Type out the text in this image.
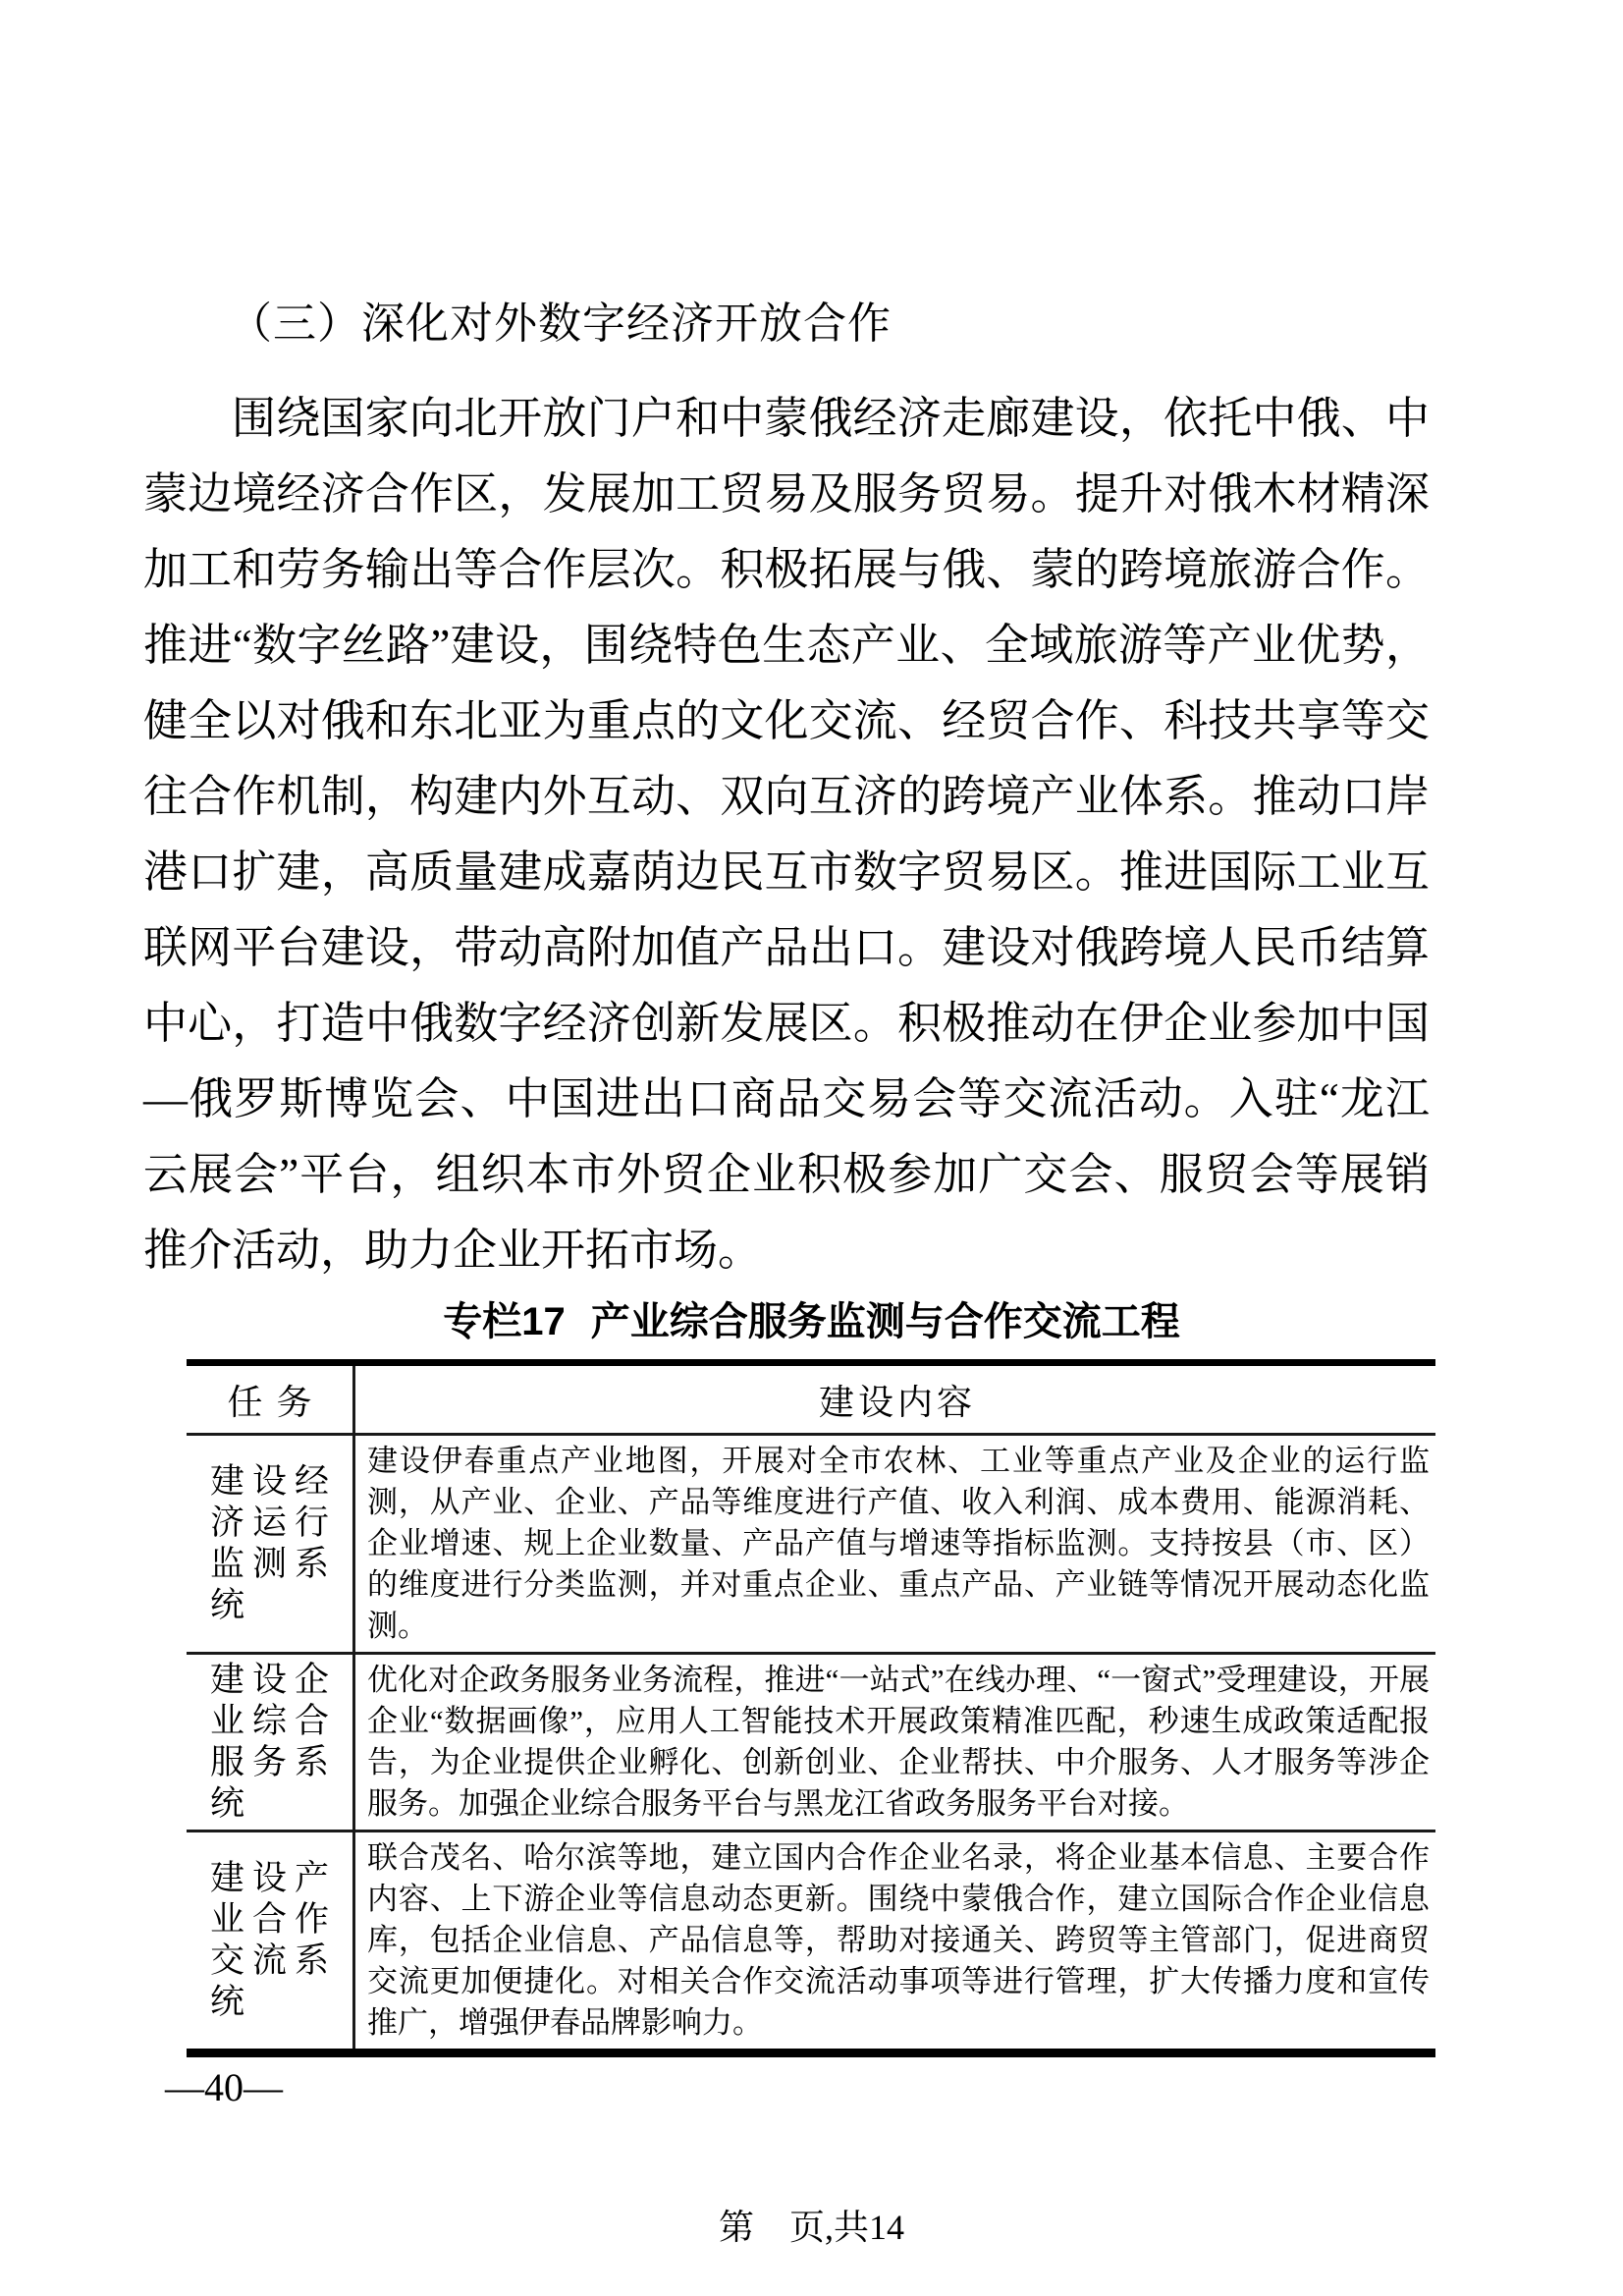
（三）深化对外数字经济开放合作
围绕国家向北开放门户和中蒙俄经济走廊建设，依托中俄、中
蒙边境经济合作区，发展加工贸易及服务贸易。提升对俄木材精深
加工和劳务输出等合作层次。积极拓展与俄、蒙的跨境旅游合作。
推进“数字丝路”建设，围绕特色生态产业、全域旅游等产业优势，
健全以对俄和东北亚为重点的文化交流、经贸合作、科技共享等交
往合作机制，构建内外互动、双向互济的跨境产业体系。推动口岸
港口扩建，高质量建成嘉荫边民互市数字贸易区。推进国际工业互
联网平台建设，带动高附加值产品出口。建设对俄跨境人民币结算
中心，打造中俄数字经济创新发展区。积极推动在伊企业参加中国
—俄罗斯博览会、中国进出口商品交易会等交流活动。入驻“龙江
云展会”平台，组织本市外贸企业积极参加广交会、服贸会等展销
推介活动，助力企业开拓市场。
专栏17 产业综合服务监测与合作交流工程
任务	建设内容
建设经济运行监测系统
建设伊春重点产业地图，开展对全市农林、工业等重点产业及企业的运行监测，从产业、企业、产品等维度进行产值、收入利润、成本费用、能源消耗、企业增速、规上企业数量、产品产值与增速等指标监测。支持按县（市、区）的维度进行分类监测，并对重点企业、重点产品、产业链等情况开展动态化监测。
建设企业综合服务系统
优化对企政务服务业务流程，推进“一站式”在线办理、“一窗式”受理建设，开展企业“数据画像”，应用人工智能技术开展政策精准匹配，秒速生成政策适配报告，为企业提供企业孵化、创新创业、企业帮扶、中介服务、人才服务等涉企服务。加强企业综合服务平台与黑龙江省政务服务平台对接。
建设产业合作交流系统
联合茂名、哈尔滨等地，建立国内合作企业名录，将企业基本信息、主要合作内容、上下游企业等信息动态更新。围绕中蒙俄合作，建立国际合作企业信息库，包括企业信息、产品信息等，帮助对接通关、跨贸等主管部门，促进商贸交流更加便捷化。对相关合作交流活动事项等进行管理，扩大传播力度和宣传推广，增强伊春品牌影响力。
—40—
第　页,共14
